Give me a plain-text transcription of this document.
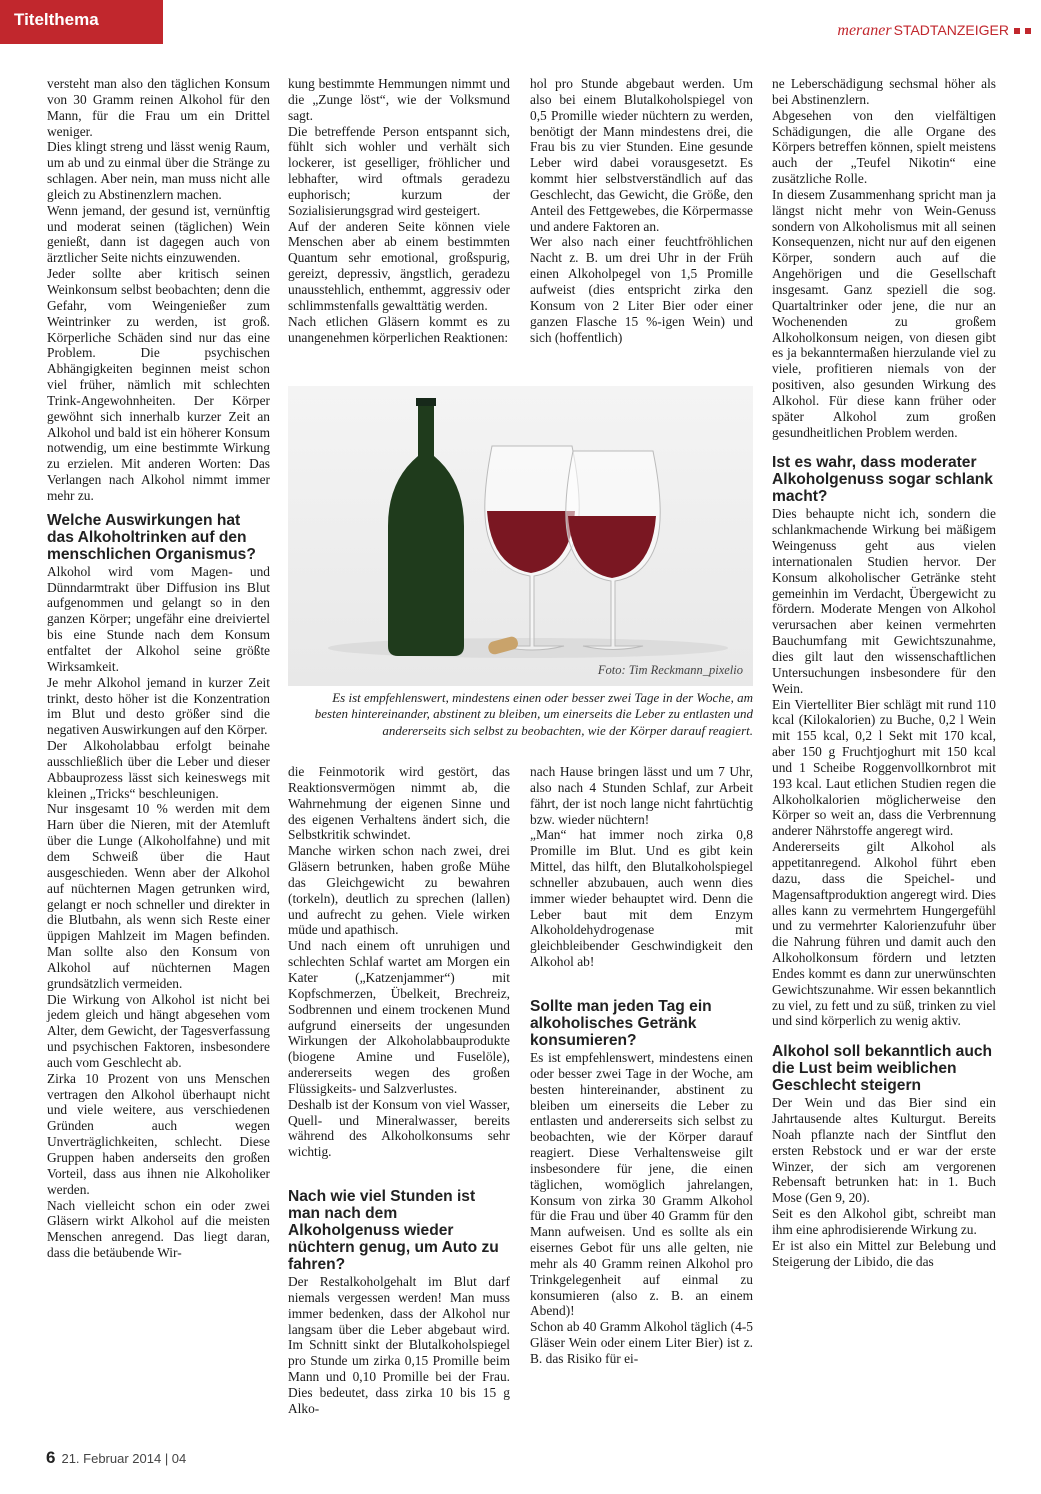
Titelthema
meraner STADTANZEIGER

versteht man also den täglichen Konsum von 30 Gramm reinen Alkohol für den Mann, für die Frau um ein Drittel weniger.

Dies klingt streng und lässt wenig Raum, um ab und zu einmal über die Stränge zu schlagen. Aber nein, man muss nicht alle gleich zu Abstinenzlern machen.

Wenn jemand, der gesund ist, vernünftig und moderat seinen (täglichen) Wein genießt, dann ist dagegen auch von ärztlicher Seite nichts einzuwenden.

Jeder sollte aber kritisch seinen Weinkonsum selbst beobachten; denn die Gefahr, vom Weingenießer zum Weintrinker zu werden, ist groß. Körperliche Schäden sind nur das eine Problem. Die psychischen Abhängigkeiten beginnen meist schon viel früher, nämlich mit schlechten Trink-Angewohnheiten. Der Körper gewöhnt sich innerhalb kurzer Zeit an Alkohol und bald ist ein höherer Konsum notwendig, um eine bestimmte Wirkung zu erzielen. Mit anderen Worten: Das Verlangen nach Alkohol nimmt immer mehr zu.

Welche Auswirkungen hat das Alkoholtrinken auf den menschlichen Organismus?

Alkohol wird vom Magen- und Dünndarmtrakt über Diffusion ins Blut aufgenommen und gelangt so in den ganzen Körper; ungefähr eine dreiviertel bis eine Stunde nach dem Konsum entfaltet der Alkohol seine größte Wirksamkeit.

Je mehr Alkohol jemand in kurzer Zeit trinkt, desto höher ist die Konzentration im Blut und desto größer sind die negativen Auswirkungen auf den Körper.

Der Alkoholabbau erfolgt beinahe ausschließlich über die Leber und dieser Abbauprozess lässt sich keineswegs mit kleinen „Tricks“ beschleunigen.

Nur insgesamt 10 % werden mit dem Harn über die Nieren, mit der Atemluft über die Lunge (Alkoholfahne) und mit dem Schweiß über die Haut ausgeschieden. Wenn aber der Alkohol auf nüchternen Magen getrunken wird, gelangt er noch schneller und direkter in die Blutbahn, als wenn sich Reste einer üppigen Mahlzeit im Magen befinden. Man sollte also den Konsum von Alkohol auf nüchternen Magen grundsätzlich vermeiden.

Die Wirkung von Alkohol ist nicht bei jedem gleich und hängt abgesehen vom Alter, dem Gewicht, der Tagesverfassung und psychischen Faktoren, insbesondere auch vom Geschlecht ab.

Zirka 10 Prozent von uns Menschen vertragen den Alkohol überhaupt nicht und viele weitere, aus verschiedenen Gründen auch wegen Unverträglichkeiten, schlecht. Diese Gruppen haben anderseits den großen Vorteil, dass aus ihnen nie Alkoholiker werden.

Nach vielleicht schon ein oder zwei Gläsern wirkt Alkohol auf die meisten Menschen anregend. Das liegt daran, dass die betäubende Wir-

kung bestimmte Hemmungen nimmt und die „Zunge löst“, wie der Volksmund sagt.

Die betreffende Person entspannt sich, fühlt sich wohler und verhält sich lockerer, ist geselliger, fröhlicher und lebhafter, wird oftmals geradezu euphorisch; kurzum der Sozialisierungsgrad wird gesteigert.

Auf der anderen Seite können viele Menschen aber ab einem bestimmten Quantum sehr emotional, großspurig, gereizt, depressiv, ängstlich, geradezu unausstehlich, enthemmt, aggressiv oder schlimmstenfalls gewalttätig werden.

Nach etlichen Gläsern kommt es zu unangenehmen körperlichen Reaktionen:

hol pro Stunde abgebaut werden. Um also bei einem Blutalkoholspiegel von 0,5 Promille wieder nüchtern zu werden, benötigt der Mann mindestens drei, die Frau bis zu vier Stunden. Eine gesunde Leber wird dabei vorausgesetzt. Es kommt hier selbstverständlich auf das Geschlecht, das Gewicht, die Größe, den Anteil des Fettgewebes, die Körpermasse und andere Faktoren an.

Wer also nach einer feuchtfröhlichen Nacht z. B. um drei Uhr in der Früh einen Alkoholpegel von 1,5 Promille aufweist (dies entspricht zirka den Konsum von 2 Liter Bier oder einer ganzen Flasche 15 %-igen Wein) und sich (hoffentlich)

Foto: Tim Reckmann_pixelio
Es ist empfehlenswert, mindestens einen oder besser zwei Tage in der Woche, am besten hintereinander, abstinent zu bleiben, um einerseits die Leber zu entlasten und andererseits sich selbst zu beobachten, wie der Körper darauf reagiert.

die Feinmotorik wird gestört, das Reaktionsvermögen nimmt ab, die Wahrnehmung der eigenen Sinne und des eigenen Verhaltens ändert sich, die Selbstkritik schwindet.

Manche wirken schon nach zwei, drei Gläsern betrunken, haben große Mühe das Gleichgewicht zu bewahren (torkeln), deutlich zu sprechen (lallen) und aufrecht zu gehen. Viele wirken müde und apathisch.

Und nach einem oft unruhigen und schlechten Schlaf wartet am Morgen ein Kater („Katzenjammer“) mit Kopfschmerzen, Übelkeit, Brechreiz, Sodbrennen und einem trockenen Mund aufgrund einerseits der ungesunden Wirkungen der Alkoholabbauprodukte (biogene Amine und Fuselöle), andererseits wegen des großen Flüssigkeits- und Salzverlustes.

Deshalb ist der Konsum von viel Wasser, Quell- und Mineralwasser, bereits während des Alkoholkonsums sehr wichtig.

Nach wie viel Stunden ist man nach dem Alkoholgenuss wieder nüchtern genug, um Auto zu fahren?

Der Restalkoholgehalt im Blut darf niemals vergessen werden! Man muss immer bedenken, dass der Alkohol nur langsam über die Leber abgebaut wird. Im Schnitt sinkt der Blutalkoholspiegel pro Stunde um zirka 0,15 Promille beim Mann und 0,10 Promille bei der Frau. Dies bedeutet, dass zirka 10 bis 15 g Alko-

nach Hause bringen lässt und um 7 Uhr, also nach 4 Stunden Schlaf, zur Arbeit fährt, der ist noch lange nicht fahrtüchtig bzw. wieder nüchtern!

„Man“ hat immer noch zirka 0,8 Promille im Blut. Und es gibt kein Mittel, das hilft, den Blutalkoholspiegel schneller abzubauen, auch wenn dies immer wieder behauptet wird. Denn die Leber baut mit dem Enzym Alkoholdehydrogenase mit gleichbleibender Geschwindigkeit den Alkohol ab!

Sollte man jeden Tag ein alkoholisches Getränk konsumieren?

Es ist empfehlenswert, mindestens einen oder besser zwei Tage in der Woche, am besten hintereinander, abstinent zu bleiben um einerseits die Leber zu entlasten und andererseits sich selbst zu beobachten, wie der Körper darauf reagiert. Diese Verhaltensweise gilt insbesondere für jene, die einen täglichen, womöglich jahrelangen, Konsum von zirka 30 Gramm Alkohol für die Frau und über 40 Gramm für den Mann aufweisen. Und es sollte als ein eisernes Gebot für uns alle gelten, nie mehr als 40 Gramm reinen Alkohol pro Trinkgelegenheit auf einmal zu konsumieren (also z. B. an einem Abend)!

Schon ab 40 Gramm Alkohol täglich (4-5 Gläser Wein oder einem Liter Bier) ist z. B. das Risiko für ei-

ne Leberschädigung sechsmal höher als bei Abstinenzlern.

Abgesehen von den vielfältigen Schädigungen, die alle Organe des Körpers betreffen können, spielt meistens auch der „Teufel Nikotin“ eine zusätzliche Rolle.

In diesem Zusammenhang spricht man ja längst nicht mehr von Wein-Genuss sondern von Alkoholismus mit all seinen Konsequenzen, nicht nur auf den eigenen Körper, sondern auch auf die Angehörigen und die Gesellschaft insgesamt. Ganz speziell die sog. Quartaltrinker oder jene, die nur an Wochenenden zu großem Alkoholkonsum neigen, von diesen gibt es ja bekanntermaßen hierzulande viel zu viele, profitieren niemals von der positiven, also gesunden Wirkung des Alkohol. Für diese kann früher oder später Alkohol zum großen gesundheitlichen Problem werden.

Ist es wahr, dass moderater Alkoholgenuss sogar schlank macht?

Dies behaupte nicht ich, sondern die schlankmachende Wirkung bei mäßigem Weingenuss geht aus vielen internationalen Studien hervor. Der Konsum alkoholischer Getränke steht gemeinhin im Verdacht, Übergewicht zu fördern. Moderate Mengen von Alkohol verursachen aber keinen vermehrten Bauchumfang mit Gewichtszunahme, dies gilt laut den wissenschaftlichen Untersuchungen insbesondere für den Wein.

Ein Viertelliter Bier schlägt mit rund 110 kcal (Kilokalorien) zu Buche, 0,2 l Wein mit 155 kcal, 0,2 l Sekt mit 170 kcal, aber 150 g Fruchtjoghurt mit 150 kcal und 1 Scheibe Roggenvollkornbrot mit 193 kcal. Laut etlichen Studien regen die Alkoholkalorien möglicherweise den Körper so weit an, dass die Verbrennung anderer Nährstoffe angeregt wird.

Andererseits gilt Alkohol als appetitanregend. Alkohol führt eben dazu, dass die Speichel- und Magensaftproduktion angeregt wird. Dies alles kann zu vermehrtem Hungergefühl und zu vermehrter Kalorienzufuhr über die Nahrung führen und damit auch den Alkoholkonsum fördern und letzten Endes kommt es dann zur unerwünschten Gewichtszunahme. Wir essen bekanntlich zu viel, zu fett und zu süß, trinken zu viel und sind körperlich zu wenig aktiv.

Alkohol soll bekanntlich auch die Lust beim weiblichen Geschlecht steigern

Der Wein und das Bier sind ein Jahrtausende altes Kulturgut. Bereits Noah pflanzte nach der Sintflut den ersten Rebstock und er war der erste Winzer, der sich am vergorenen Rebensaft betrunken hat: in 1. Buch Mose (Gen 9, 20).

Seit es den Alkohol gibt, schreibt man ihm eine aphrodisierende Wirkung zu.

Er ist also ein Mittel zur Belebung und Steigerung der Libido, die das

6 21. Februar 2014 | 04
